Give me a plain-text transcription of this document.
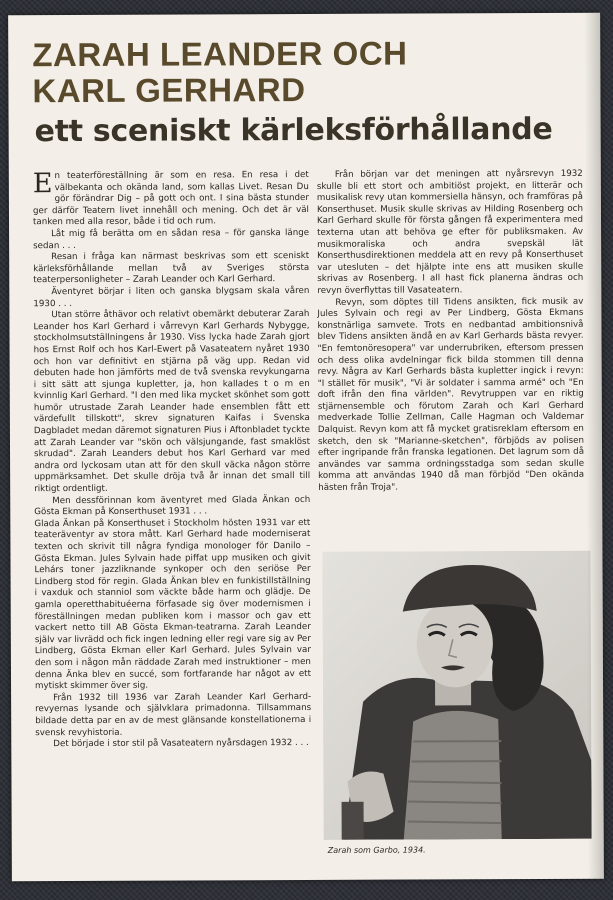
ZARAH LEANDER OCH
KARL GERHARD
ett sceniskt kärleksförhållande

En teaterföreställning är som en resa. En resa i det välbekanta och okända land, som kallas Livet. Resan Du gör förändrar Dig – på gott och ont. I sina bästa stunder ger därför Teatern livet innehåll och mening. Och det är väl tanken med alla resor, både i tid och rum.

Låt mig få berätta om en sådan resa – för ganska länge sedan . . .

Resan i fråga kan närmast beskrivas som ett sceniskt kärleksförhållande mellan två av Sveriges största teaterpersonligheter – Zarah Leander och Karl Gerhard.

Äventyret börjar i liten och ganska blygsam skala våren 1930 . . .

Utan större åthävor och relativt obemärkt debuterar Zarah Leander hos Karl Gerhard i vårrevyn Karl Gerhards Nybygge, stockholmsutställningens år 1930. Viss lycka hade Zarah gjort hos Ernst Rolf och hos Karl-Ewert på Vasateatern nyåret 1930 och hon var definitivt en stjärna på väg upp. Redan vid debuten hade hon jämförts med de två svenska revykungarna i sitt sätt att sjunga kupletter, ja, hon kallades t o m en kvinnlig Karl Gerhard. "I den med lika mycket skönhet som gott humör utrustade Zarah Leander hade ensemblen fått ett värdefullt tillskott", skrev signaturen Kaifas i Svenska Dagbladet medan däremot signaturen Pius i Aftonbladet tyckte att Zarah Leander var "skön och välsjungande, fast smaklöst skrudad". Zarah Leanders debut hos Karl Gerhard var med andra ord lyckosam utan att för den skull väcka någon större uppmärksamhet. Det skulle dröja två år innan det small till riktigt ordentligt.

Men dessförinnan kom äventyret med Glada Änkan och Gösta Ekman på Konserthuset 1931 . . .

Glada Änkan på Konserthuset i Stockholm hösten 1931 var ett teateräventyr av stora mått. Karl Gerhard hade moderniserat texten och skrivit till några fyndiga monologer för Danilo – Gösta Ekman. Jules Sylvain hade piffat upp musiken och givit Lehárs toner jazzliknande synkoper och den seriöse Per Lindberg stod för regin. Glada Änkan blev en funkistillställning i vaxduk och stanniol som väckte både harm och glädje. De gamla operetthabituéerna förfasade sig över modernismen i föreställningen medan publiken kom i massor och gav ett vackert netto till AB Gösta Ekman-teatrarna. Zarah Leander själv var livrädd och fick ingen ledning eller regi vare sig av Per Lindberg, Gösta Ekman eller Karl Gerhard. Jules Sylvain var den som i någon mån räddade Zarah med instruktioner – men denna Änka blev en succé, som fortfarande har något av ett mytiskt skimmer över sig.

Från 1932 till 1936 var Zarah Leander Karl Gerhard-revyernas lysande och självklara primadonna. Tillsammans bildade detta par en av de mest glänsande konstellationerna i svensk revyhistoria.

Det började i stor stil på Vasateatern nyårsdagen 1932 . . .

Från början var det meningen att nyårsrevyn 1932 skulle bli ett stort och ambitiöst projekt, en litterär och musikalisk revy utan kommersiella hänsyn, och framföras på Konserthuset. Musik skulle skrivas av Hilding Rosenberg och Karl Gerhard skulle för första gången få experimentera med texterna utan att behöva ge efter för publiksmaken. Av musikmoraliska och andra svepskäl lät Konserthusdirektionen meddela att en revy på Konserthuset var utesluten – det hjälpte inte ens att musiken skulle skrivas av Rosenberg. I all hast fick planerna ändras och revyn överflyttas till Vasateatern.

Revyn, som döptes till Tidens ansikten, fick musik av Jules Sylvain och regi av Per Lindberg, Gösta Ekmans konstnärliga samvete. Trots en nedbantad ambitionsnivå blev Tidens ansikten ändå en av Karl Gerhards bästa revyer. "En femtonöresopera" var underrubriken, eftersom pressen och dess olika avdelningar fick bilda stommen till denna revy. Några av Karl Gerhards bästa kupletter ingick i revyn: "I stället för musik", "Vi är soldater i samma armé" och "En doft ifrån den fina världen". Revytruppen var en riktig stjärnensemble och förutom Zarah och Karl Gerhard medverkade Tollie Zellman, Calle Hagman och Valdemar Dalquist. Revyn kom att få mycket gratisreklam eftersom en sketch, den sk "Marianne-sketchen", förbjöds av polisen efter ingripande från franska legationen. Det lagrum som då användes var samma ordningsstadga som sedan skulle komma att användas 1940 då man förbjöd "Den okända hästen från Troja".

Zarah som Garbo, 1934.
